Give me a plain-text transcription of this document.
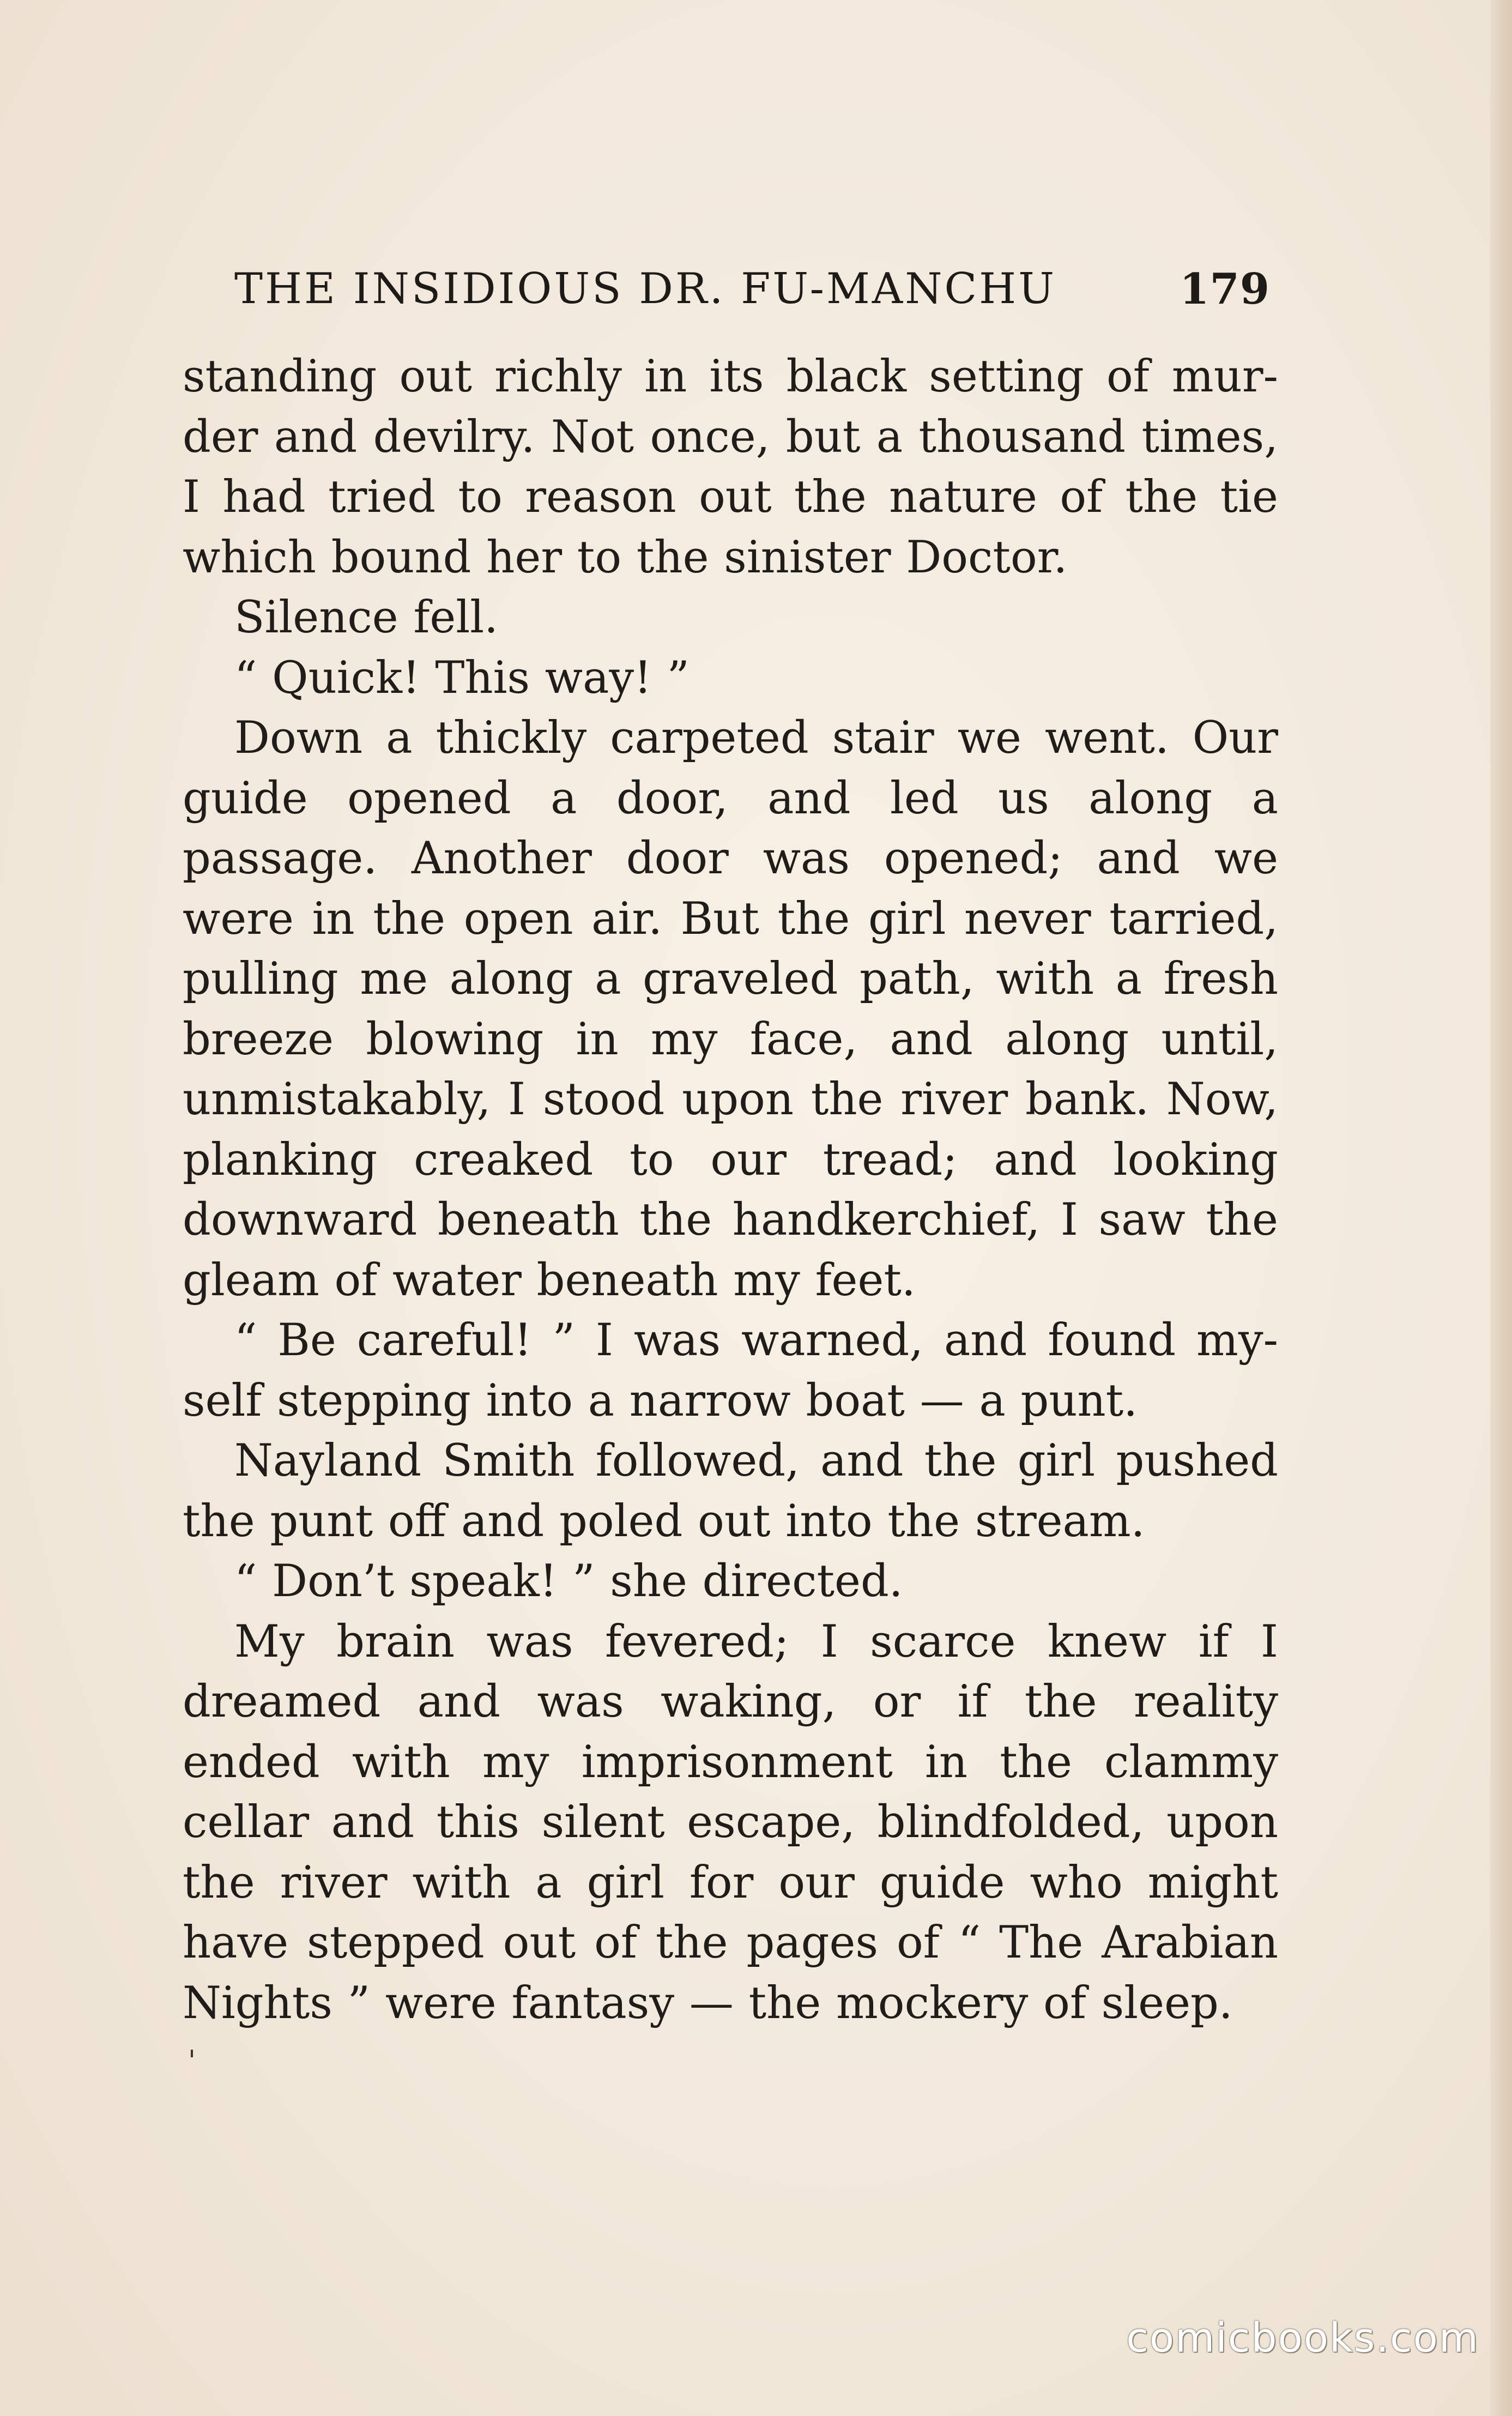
THE INSIDIOUS DR. FU-MANCHU	179

standing out richly in its black setting of murder and devilry. Not once, but a thousand times, I had tried to reason out the nature of the tie which bound her to the sinister Doctor.

Silence fell.

“ Quick! This way! ”

Down a thickly carpeted stair we went. Our guide opened a door, and led us along a passage. Another door was opened; and we were in the open air. But the girl never tarried, pulling me along a graveled path, with a fresh breeze blowing in my face, and along until, unmistakably, I stood upon the river bank. Now, planking creaked to our tread; and looking downward beneath the handkerchief, I saw the gleam of water beneath my feet.

“ Be careful! ” I was warned, and found myself stepping into a narrow boat — a punt.

Nayland Smith followed, and the girl pushed the punt off and poled out into the stream.

“ Don’t speak! ” she directed.

My brain was fevered; I scarce knew if I dreamed and was waking, or if the reality ended with my imprisonment in the clammy cellar and this silent escape, blindfolded, upon the river with a girl for our guide who might have stepped out of the pages of “ The Arabian Nights ” were fantasy — the mockery of sleep.

comicbooks.com
